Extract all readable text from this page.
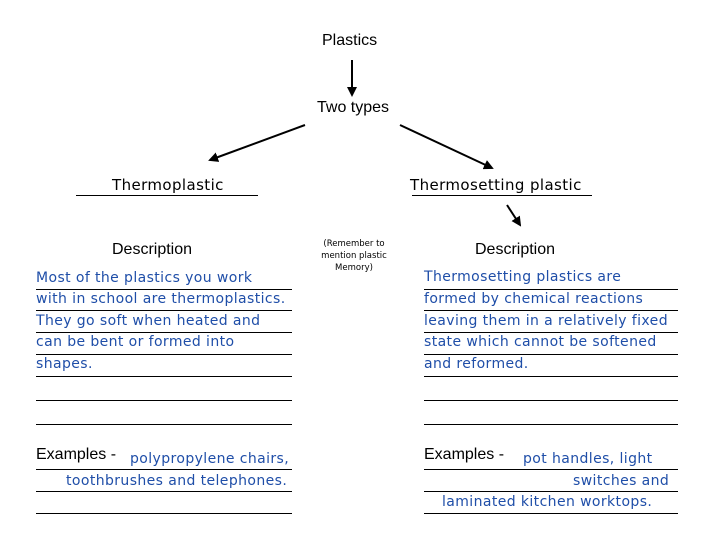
Plastics
Two types
Thermoplastic
Description
Most of the plastics you work
with in school are thermoplastics.
They go soft when heated and
can be bent or formed into
shapes.
Examples - polypropylene chairs,
toothbrushes and telephones.
(Remember to
mention plastic
Memory)
Thermosetting plastic
Description
Thermosetting plastics are
formed by chemical reactions
leaving them in a relatively fixed
state which cannot be softened
and reformed.
Examples - pot handles, light
switches and
laminated kitchen worktops.
